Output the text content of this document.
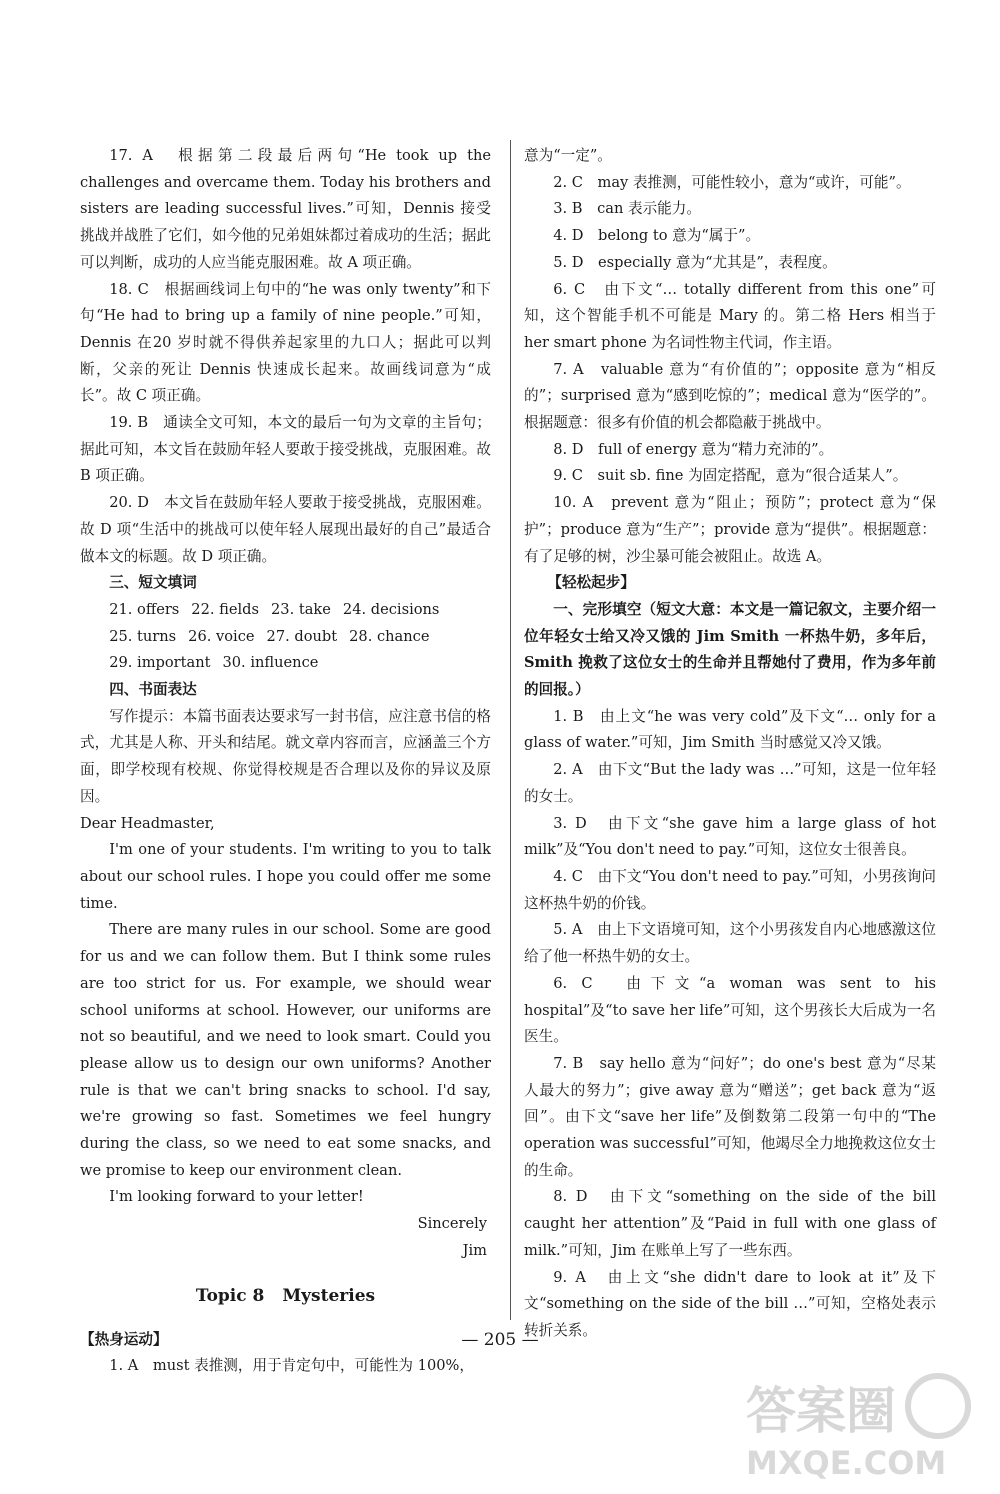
17. A　根据第二段最后两句“He took up the challenges and overcame them. Today his brothers and sisters are leading successful lives.”可知，Dennis 接受挑战并战胜了它们，如今他的兄弟姐妹都过着成功的生活；据此可以判断，成功的人应当能克服困难。故 A 项正确。

18. C　根据画线词上句中的“he was only twenty”和下句“He had to bring up a family of nine people.”可知，Dennis 在20 岁时就不得供养起家里的九口人；据此可以判断，父亲的死让 Dennis 快速成长起来。故画线词意为“成长”。故 C 项正确。

19. B　通读全文可知，本文的最后一句为文章的主旨句；据此可知，本文旨在鼓励年轻人要敢于接受挑战，克服困难。故 B 项正确。

20. D　本文旨在鼓励年轻人要敢于接受挑战，克服困难。故 D 项“生活中的挑战可以使年轻人展现出最好的自己”最适合做本文的标题。故 D 项正确。

三、短文填词

21. offers 22. fields 23. take 24. decisions

25. turns 26. voice 27. doubt 28. chance

29. important 30. influence

四、书面表达

写作提示：本篇书面表达要求写一封书信，应注意书信的格式，尤其是人称、开头和结尾。就文章内容而言，应涵盖三个方面，即学校现有校规、你觉得校规是否合理以及你的异议及原因。

Dear Headmaster,

I'm one of your students. I'm writing to you to talk about our school rules. I hope you could offer me some time.

There are many rules in our school. Some are good for us and we can follow them. But I think some rules are too strict for us. For example, we should wear school uniforms at school. However, our uniforms are not so beautiful, and we need to look smart. Could you please allow us to design our own uniforms? Another rule is that we can't bring snacks to school. I'd say, we're growing so fast. Sometimes we feel hungry during the class, so we need to eat some snacks, and we promise to keep our environment clean.

I'm looking forward to your letter!

Sincerely

Jim

Topic 8 Mysteries

【热身运动】

1. A　must 表推测，用于肯定句中，可能性为 100%，

意为“一定”。

2. C　may 表推测，可能性较小，意为“或许，可能”。

3. B　can 表示能力。

4. D　belong to 意为“属于”。

5. D　especially 意为“尤其是”，表程度。

6. C　由下文“… totally different from this one”可知，这个智能手机不可能是 Mary 的。第二格 Hers 相当于 her smart phone 为名词性物主代词，作主语。

7. A　valuable 意为“有价值的”；opposite 意为“相反的”；surprised 意为“感到吃惊的”；medical 意为“医学的”。根据题意：很多有价值的机会都隐蔽于挑战中。

8. D　full of energy 意为“精力充沛的”。

9. C　suit sb. fine 为固定搭配，意为“很合适某人”。

10. A　prevent 意为“阻止；预防”；protect 意为“保护”；produce 意为“生产”；provide 意为“提供”。根据题意：有了足够的树，沙尘暴可能会被阻止。故选 A。

【轻松起步】

一、完形填空（短文大意：本文是一篇记叙文，主要介绍一位年轻女士给又冷又饿的 Jim Smith 一杯热牛奶，多年后，Smith 挽救了这位女士的生命并且帮她付了费用，作为多年前的回报。）

1. B　由上文“he was very cold”及下文“… only for a glass of water.”可知，Jim Smith 当时感觉又冷又饿。

2. A　由下文“But the lady was …”可知，这是一位年轻的女士。

3. D　由下文“she gave him a large glass of hot milk”及“You don't need to pay.”可知，这位女士很善良。

4. C　由下文“You don't need to pay.”可知，小男孩询问这杯热牛奶的价钱。

5. A　由上下文语境可知，这个小男孩发自内心地感激这位给了他一杯热牛奶的女士。

6. C　由下文“a woman was sent to his hospital”及“to save her life”可知，这个男孩长大后成为一名医生。

7. B　say hello 意为“问好”；do one's best 意为“尽某人最大的努力”；give away 意为“赠送”；get back 意为“返回”。由下文“save her life”及倒数第二段第一句中的“The operation was successful”可知，他竭尽全力地挽救这位女士的生命。

8. D　由下文“something on the side of the bill caught her attention”及“Paid in full with one glass of milk.”可知，Jim 在账单上写了一些东西。

9. A　由上文“she didn't dare to look at it”及下文“something on the side of the bill …”可知，空格处表示转折关系。

— 205 —
答案圈
MXQE.COM
